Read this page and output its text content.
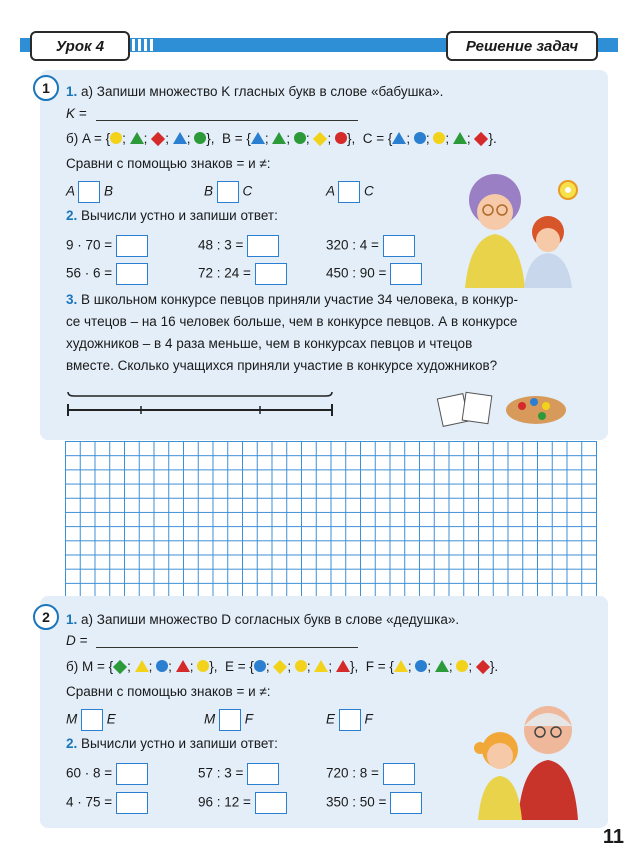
Урок 4	Решение задач
1	1. а) Запиши множество K гласных букв в слове «бабушка».
K =
б) A = { ; ; ; ; },  B = { ; ; ; ; },  C = { ; ; ; ; }.
Сравни с помощью знаков = и ≠:
A B	B C	A C
2. Вычисли устно и запиши ответ:
9 · 70 =	48 : 3 =	320 : 4 =
56 · 6 =	72 : 24 =	450 : 90 =
3. В школьном конкурсе певцов приняли участие 34 человека, в конкур-
се чтецов – на 16 человек больше, чем в конкурсе певцов. А в конкурсе
художников – в 4 раза меньше, чем в конкурсах певцов и чтецов
вместе. Сколько учащихся приняли участие в конкурсе художников?
2	1. а) Запиши множество D согласных букв в слове «дедушка».
D =
б) M = { ; ; ; ; },  E = { ; ; ; ; },  F = { ; ; ; ; }.
Сравни с помощью знаков = и ≠:
M E	M F	E F
2. Вычисли устно и запиши ответ:
60 · 8 =	57 : 3 =	720 : 8 =
4 · 75 =	96 : 12 =	350 : 50 =
11
